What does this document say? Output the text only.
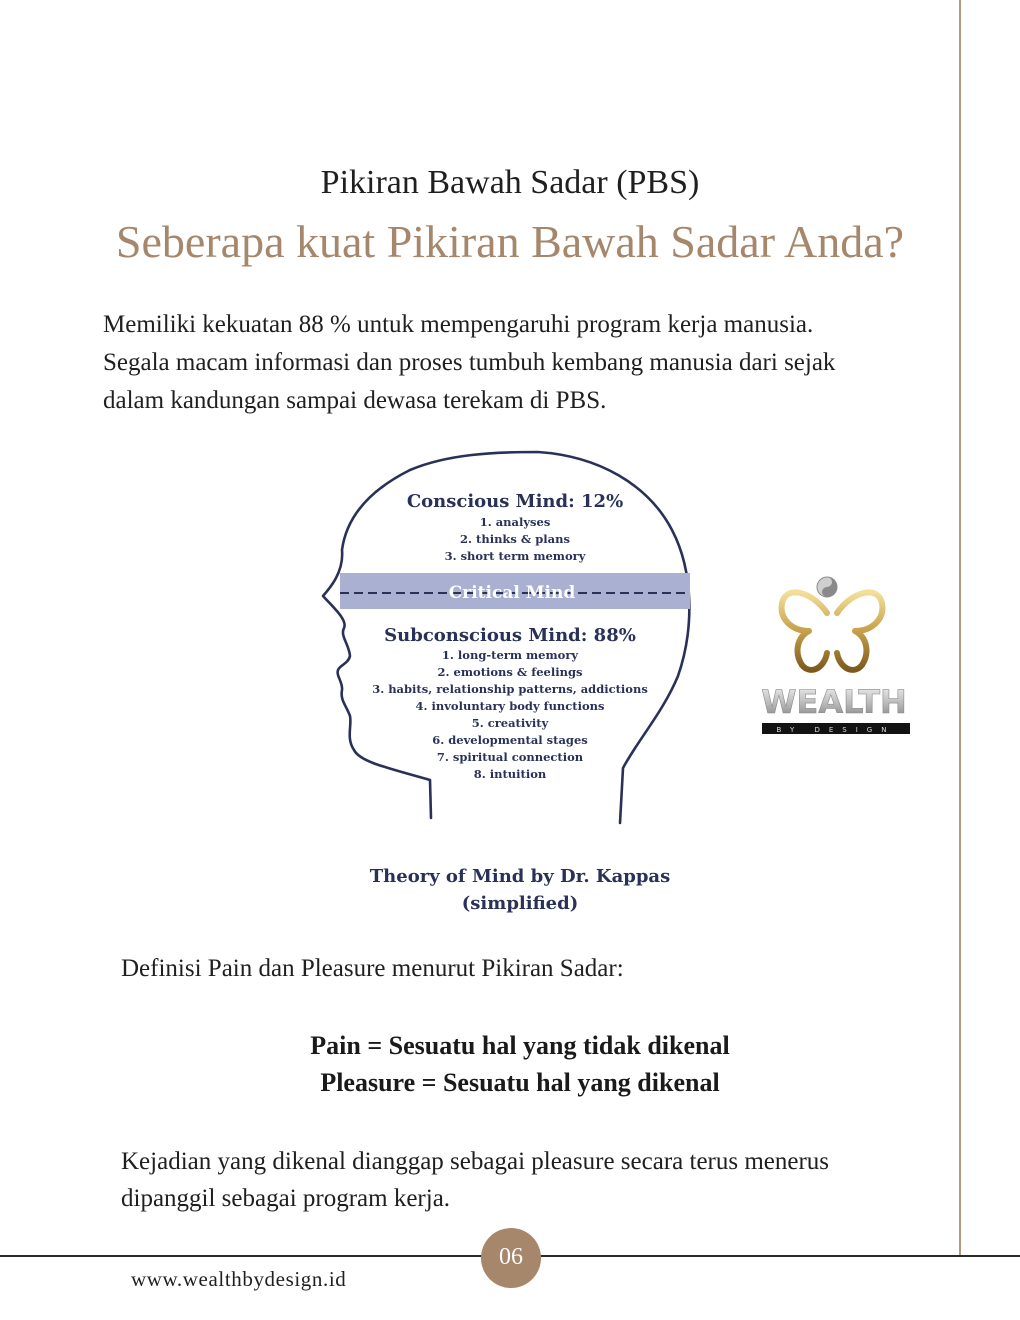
Pikiran Bawah Sadar (PBS)
Seberapa kuat Pikiran Bawah Sadar Anda?
Memiliki kekuatan 88 % untuk mempengaruhi program kerja manusia.
Segala macam informasi dan proses tumbuh kembang manusia dari sejak
dalam kandungan sampai dewasa terekam di PBS.
Critical Mind
Conscious Mind: 12%
1. analyses
2. thinks & plans
3. short term memory
Subconscious Mind: 88%
1. long-term memory
2. emotions & feelings
3. habits, relationship patterns, addictions
4. involuntary body functions
5. creativity
6. developmental stages
7. spiritual connection
8. intuition
Theory of Mind by Dr. Kappas
(simplified)
WEALTH
BY DESIGN
Definisi Pain dan Pleasure menurut Pikiran Sadar:
Pain = Sesuatu hal yang tidak dikenal
Pleasure = Sesuatu hal yang dikenal
Kejadian yang dikenal dianggap sebagai pleasure secara terus menerus
dipanggil sebagai program kerja.
06
www.wealthbydesign.id
